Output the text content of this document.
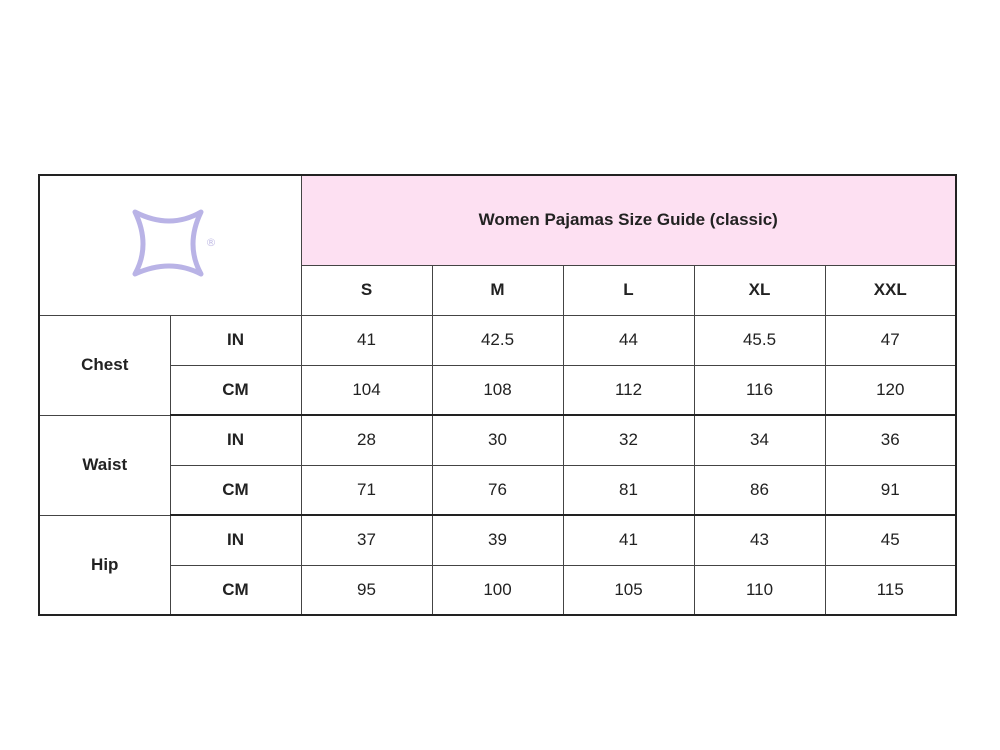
®		Women Pajamas Size Guide (classic)				
		S	M	L	XL	XXL
Chest	IN	41	42.5	44	45.5	47
	CM	104	108	112	116	120
Waist	IN	28	30	32	34	36
	CM	71	76	81	86	91
Hip	IN	37	39	41	43	45
	CM	95	100	105	110	115
